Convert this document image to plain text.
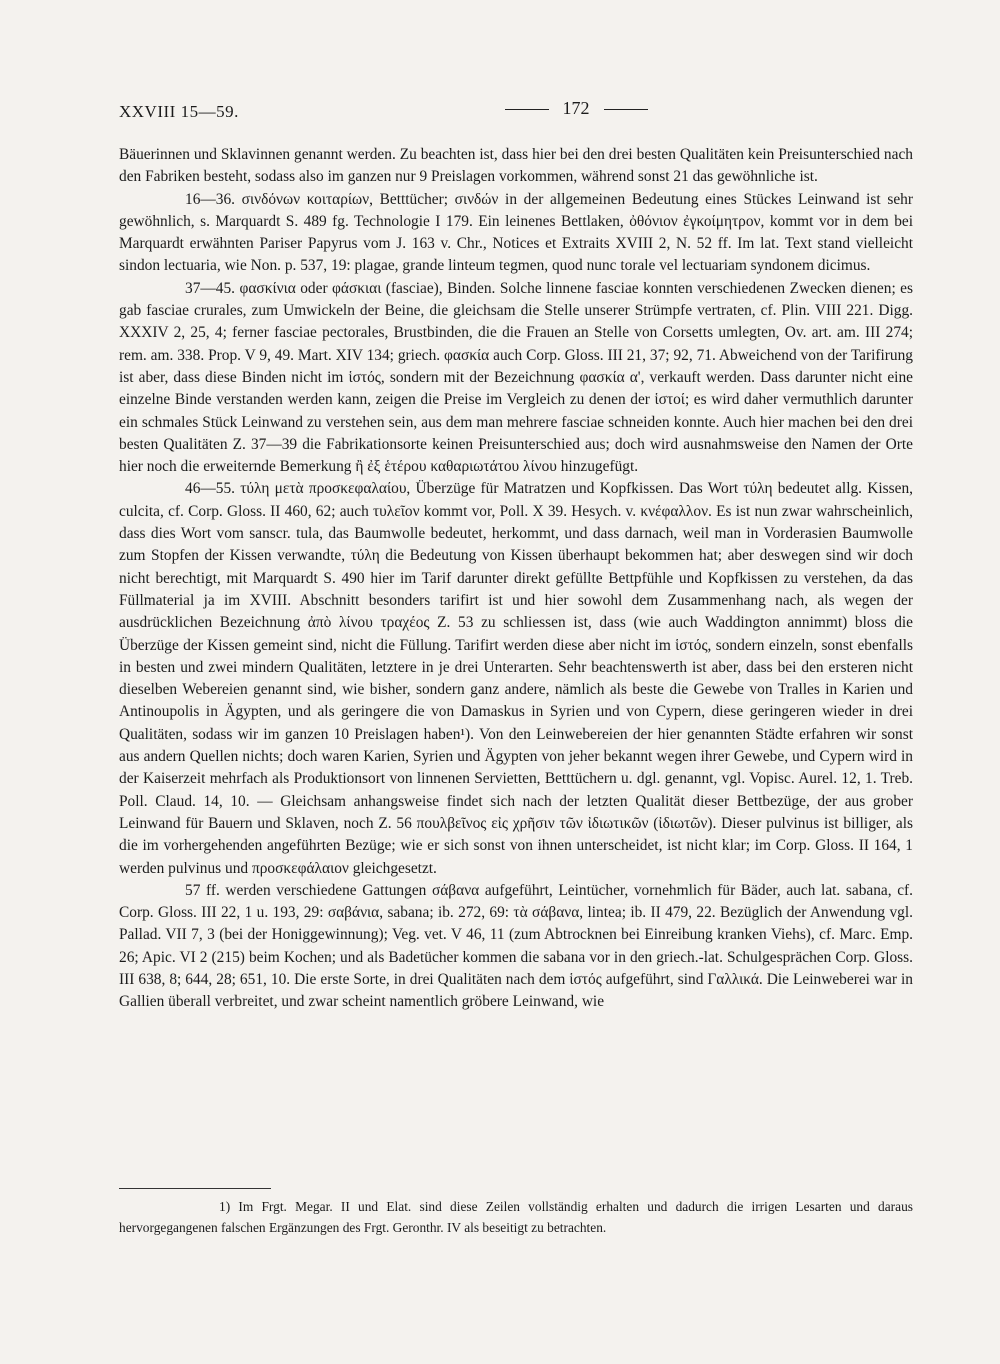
XXVIII 15—59.	172

Bäuerinnen und Sklavinnen genannt werden. Zu beachten ist, dass hier bei den drei besten Qualitäten kein Preisunterschied nach den Fabriken besteht, sodass also im ganzen nur 9 Preislagen vorkommen, während sonst 21 das gewöhnliche ist.

16—36. σινδόνων κοιταρίων, Betttücher; σινδών in der allgemeinen Bedeutung eines Stückes Leinwand ist sehr gewöhnlich, s. Marquardt S. 489 fg. Technologie I 179. Ein leinenes Bettlaken, ὀθόνιον ἐγκοίμητρον, kommt vor in dem bei Marquardt erwähnten Pariser Papyrus vom J. 163 v. Chr., Notices et Extraits XVIII 2, N. 52 ff. Im lat. Text stand vielleicht sindon lectuaria, wie Non. p. 537, 19: plagae, grande linteum tegmen, quod nunc torale vel lectuariam syndonem dicimus.

37—45. φασκίνια oder φάσκιαι (fasciae), Binden. Solche linnene fasciae konnten verschiedenen Zwecken dienen; es gab fasciae crurales, zum Umwickeln der Beine, die gleichsam die Stelle unserer Strümpfe vertraten, cf. Plin. VIII 221. Digg. XXXIV 2, 25, 4; ferner fasciae pectorales, Brustbinden, die die Frauen an Stelle von Corsetts umlegten, Ov. art. am. III 274; rem. am. 338. Prop. V 9, 49. Mart. XIV 134; griech. φασκία auch Corp. Gloss. III 21, 37; 92, 71. Abweichend von der Tarifirung ist aber, dass diese Binden nicht im ἱστός, sondern mit der Bezeichnung φασκία α', verkauft werden. Dass darunter nicht eine einzelne Binde verstanden werden kann, zeigen die Preise im Vergleich zu denen der ἱστοί; es wird daher vermuthlich darunter ein schmales Stück Leinwand zu verstehen sein, aus dem man mehrere fasciae schneiden konnte. Auch hier machen bei den drei besten Qualitäten Z. 37—39 die Fabrikationsorte keinen Preisunterschied aus; doch wird ausnahmsweise den Namen der Orte hier noch die erweiternde Bemerkung ἢ ἐξ ἑτέρου καθαριωτάτου λίνου hinzugefügt.

46—55. τύλη μετὰ προσκεφαλαίου, Überzüge für Matratzen und Kopfkissen. Das Wort τύλη bedeutet allg. Kissen, culcita, cf. Corp. Gloss. II 460, 62; auch τυλεῖον kommt vor, Poll. X 39. Hesych. v. κνέφαλλον. Es ist nun zwar wahrscheinlich, dass dies Wort vom sanscr. tula, das Baumwolle bedeutet, herkommt, und dass darnach, weil man in Vorderasien Baumwolle zum Stopfen der Kissen verwandte, τύλη die Bedeutung von Kissen überhaupt bekommen hat; aber deswegen sind wir doch nicht berechtigt, mit Marquardt S. 490 hier im Tarif darunter direkt gefüllte Bettpfühle und Kopfkissen zu verstehen, da das Füllmaterial ja im XVIII. Abschnitt besonders tarifirt ist und hier sowohl dem Zusammenhang nach, als wegen der ausdrücklichen Bezeichnung ἀπὸ λίνου τραχέος Z. 53 zu schliessen ist, dass (wie auch Waddington annimmt) bloss die Überzüge der Kissen gemeint sind, nicht die Füllung. Tarifirt werden diese aber nicht im ἱστός, sondern einzeln, sonst ebenfalls in besten und zwei mindern Qualitäten, letztere in je drei Unterarten. Sehr beachtenswerth ist aber, dass bei den ersteren nicht dieselben Webereien genannt sind, wie bisher, sondern ganz andere, nämlich als beste die Gewebe von Tralles in Karien und Antinoupolis in Ägypten, und als geringere die von Damaskus in Syrien und von Cypern, diese geringeren wieder in drei Qualitäten, sodass wir im ganzen 10 Preislagen haben¹). Von den Leinwebereien der hier genannten Städte erfahren wir sonst aus andern Quellen nichts; doch waren Karien, Syrien und Ägypten von jeher bekannt wegen ihrer Gewebe, und Cypern wird in der Kaiserzeit mehrfach als Produktionsort von linnenen Servietten, Betttüchern u. dgl. genannt, vgl. Vopisc. Aurel. 12, 1. Treb. Poll. Claud. 14, 10. — Gleichsam anhangsweise findet sich nach der letzten Qualität dieser Bettbezüge, der aus grober Leinwand für Bauern und Sklaven, noch Z. 56 πουλβεῖνος εἰς χρῆσιν τῶν ἰδιωτικῶν (ἰδιωτῶν). Dieser pulvinus ist billiger, als die im vorhergehenden angeführten Bezüge; wie er sich sonst von ihnen unterscheidet, ist nicht klar; im Corp. Gloss. II 164, 1 werden pulvinus und προσκεφάλαιον gleichgesetzt.

57 ff. werden verschiedene Gattungen σάβανα aufgeführt, Leintücher, vornehmlich für Bäder, auch lat. sabana, cf. Corp. Gloss. III 22, 1 u. 193, 29: σαβάνια, sabana; ib. 272, 69: τὰ σάβανα, lintea; ib. II 479, 22. Bezüglich der Anwendung vgl. Pallad. VII 7, 3 (bei der Honiggewinnung); Veg. vet. V 46, 11 (zum Abtrocknen bei Einreibung kranken Viehs), cf. Marc. Emp. 26; Apic. VI 2 (215) beim Kochen; und als Badetücher kommen die sabana vor in den griech.-lat. Schulgesprächen Corp. Gloss. III 638, 8; 644, 28; 651, 10. Die erste Sorte, in drei Qualitäten nach dem ἱστός aufgeführt, sind Γαλλικά. Die Leinweberei war in Gallien überall verbreitet, und zwar scheint namentlich gröbere Leinwand, wie

1) Im Frgt. Megar. II und Elat. sind diese Zeilen vollständig erhalten und dadurch die irrigen Lesarten und daraus hervorgegangenen falschen Ergänzungen des Frgt. Geronthr. IV als beseitigt zu betrachten.
